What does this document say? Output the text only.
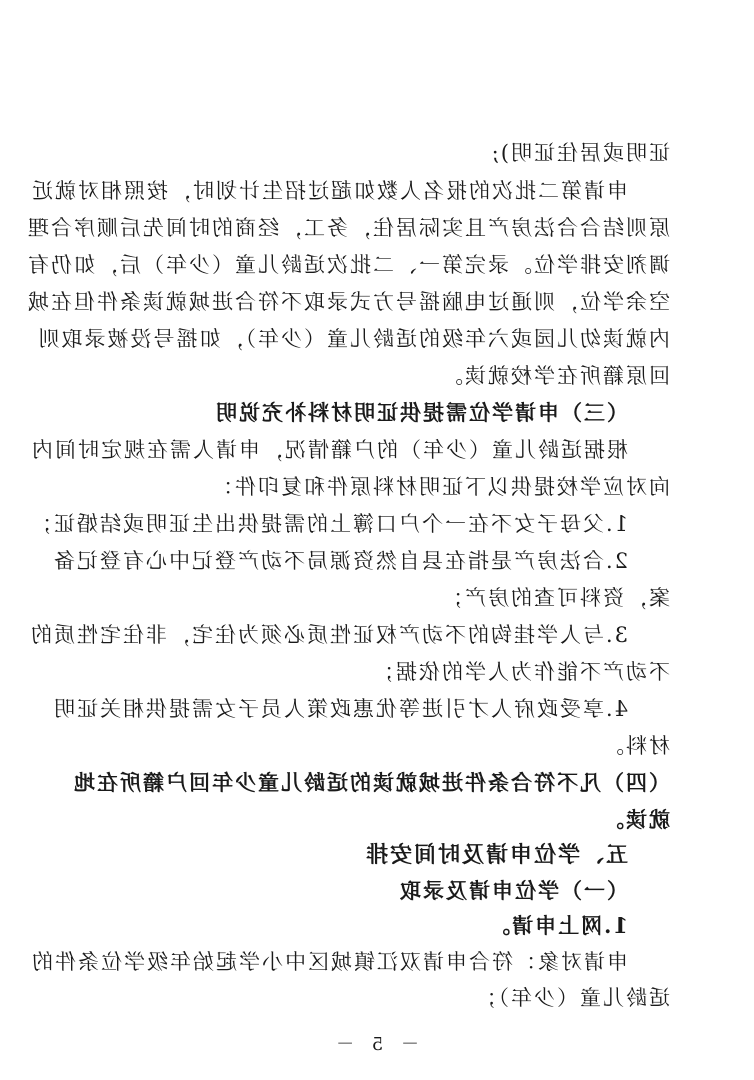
证明或居住证明);
申请第二批次的报名人数如超过招生计划时，按照相对就近
原则结合合法房产且实际居住，务工，经商的时间先后顺序合理
调剂安排学位。录完第一、二批次适龄儿童（少年）后，如仍有
空余学位，则通过电脑摇号方式录取不符合进城就读条件但在城
内就读幼儿园或六年级的适龄儿童（少年），如摇号没被录取则
回原籍所在学校就读。
（三）申请学位需提供证明材料补充说明
根据适龄儿童（少年）的户籍情况，申请人需在规定时间内
向对应学校提供以下证明材料原件和复印件：
1.父母子女不在一个户口簿上的需提供出生证明或结婚证；
2.合法房产是指在县自然资源局不动产登记中心有登记备
案，资料可查的房产；
3.与人学挂钩的不动产权证性质必须为住宅，非住宅性质的
不动产不能作为人学的依据；
4.享受政府人才引进等优惠政策人员子女需提供相关证明
材料。
（四）凡不符合条件进城就读的适龄儿童少年回户籍所在地
就读。
五、学位申请及时间安排
（一）学位申请及录取
1.网上申请。
申请对象：符合申请双江镇城区中小学起始年级学位条件的
适龄儿童（少年）；
－ 5 －
